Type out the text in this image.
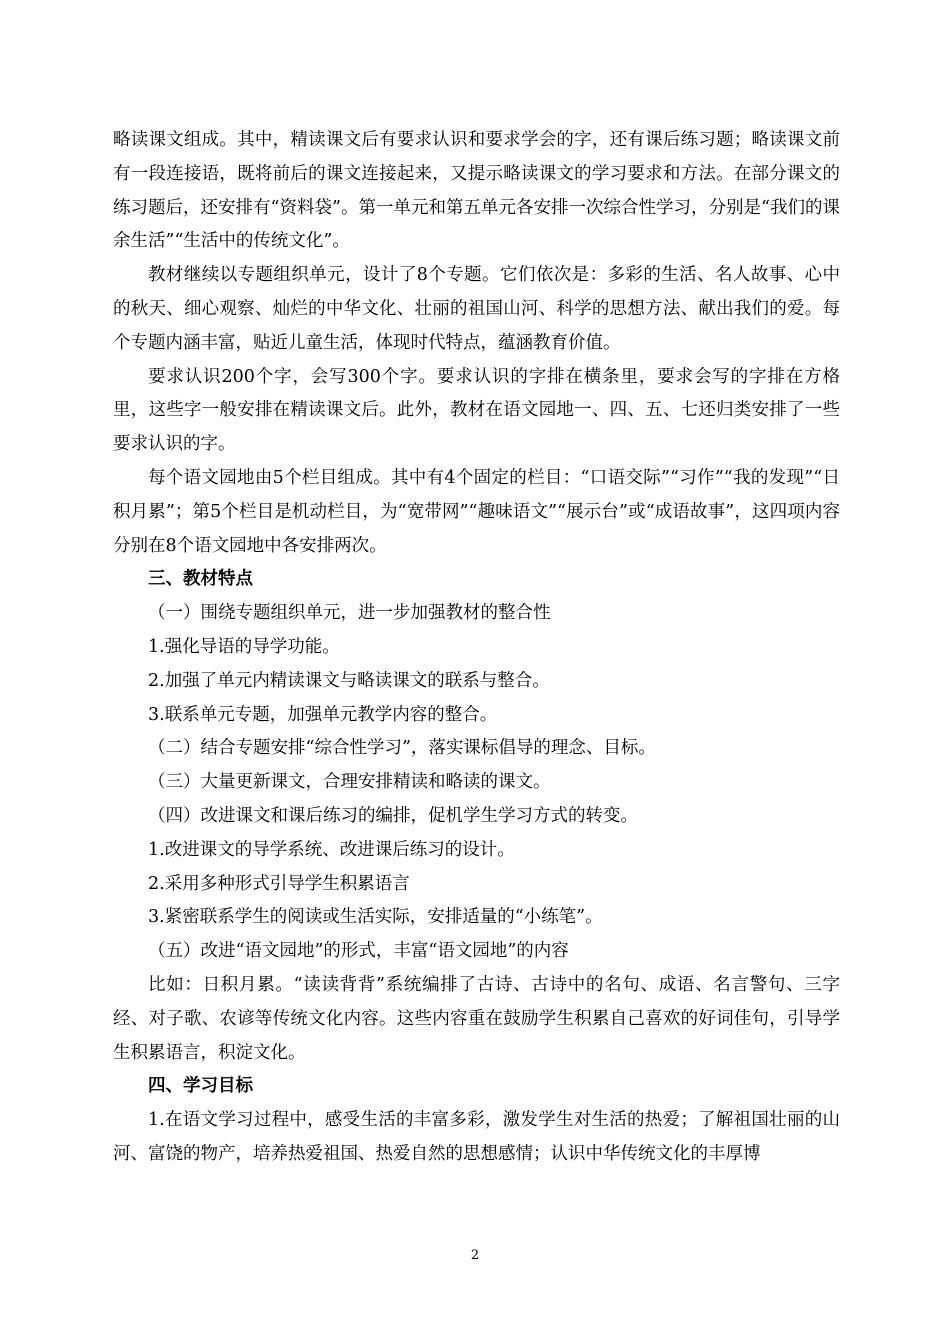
略读课文组成。其中，精读课文后有要求认识和要求学会的字，还有课后练习题；略读课文前有一段连接语，既将前后的课文连接起来，又提示略读课文的学习要求和方法。在部分课文的练习题后，还安排有“资料袋”。第一单元和第五单元各安排一次综合性学习，分别是“我们的课余生活”“生活中的传统文化”。

教材继续以专题组织单元，设计了8个专题。它们依次是：多彩的生活、名人故事、心中的秋天、细心观察、灿烂的中华文化、壮丽的祖国山河、科学的思想方法、献出我们的爱。每个专题内涵丰富，贴近儿童生活，体现时代特点，蕴涵教育价值。

要求认识200个字，会写300个字。要求认识的字排在横条里，要求会写的字排在方格里，这些字一般安排在精读课文后。此外，教材在语文园地一、四、五、七还归类安排了一些要求认识的字。

每个语文园地由5个栏目组成。其中有4个固定的栏目：“口语交际”“习作”“我的发现”“日积月累”；第5个栏目是机动栏目，为“宽带网”“趣味语文”“展示台”或“成语故事”，这四项内容分别在8个语文园地中各安排两次。

三、教材特点

（一）围绕专题组织单元，进一步加强教材的整合性

1.强化导语的导学功能。

2.加强了单元内精读课文与略读课文的联系与整合。

3.联系单元专题，加强单元教学内容的整合。

（二）结合专题安排“综合性学习”，落实课标倡导的理念、目标。

（三）大量更新课文，合理安排精读和略读的课文。

（四）改进课文和课后练习的编排，促机学生学习方式的转变。

1.改进课文的导学系统、改进课后练习的设计。

2.采用多种形式引导学生积累语言

3.紧密联系学生的阅读或生活实际，安排适量的“小练笔”。

（五）改进“语文园地”的形式，丰富“语文园地”的内容

比如：日积月累。“读读背背”系统编排了古诗、古诗中的名句、成语、名言警句、三字经、对子歌、农谚等传统文化内容。这些内容重在鼓励学生积累自己喜欢的好词佳句，引导学生积累语言，积淀文化。

四、学习目标

1.在语文学习过程中，感受生活的丰富多彩，激发学生对生活的热爱；了解祖国壮丽的山河、富饶的物产，培养热爱祖国、热爱自然的思想感情；认识中华传统文化的丰厚博

2
